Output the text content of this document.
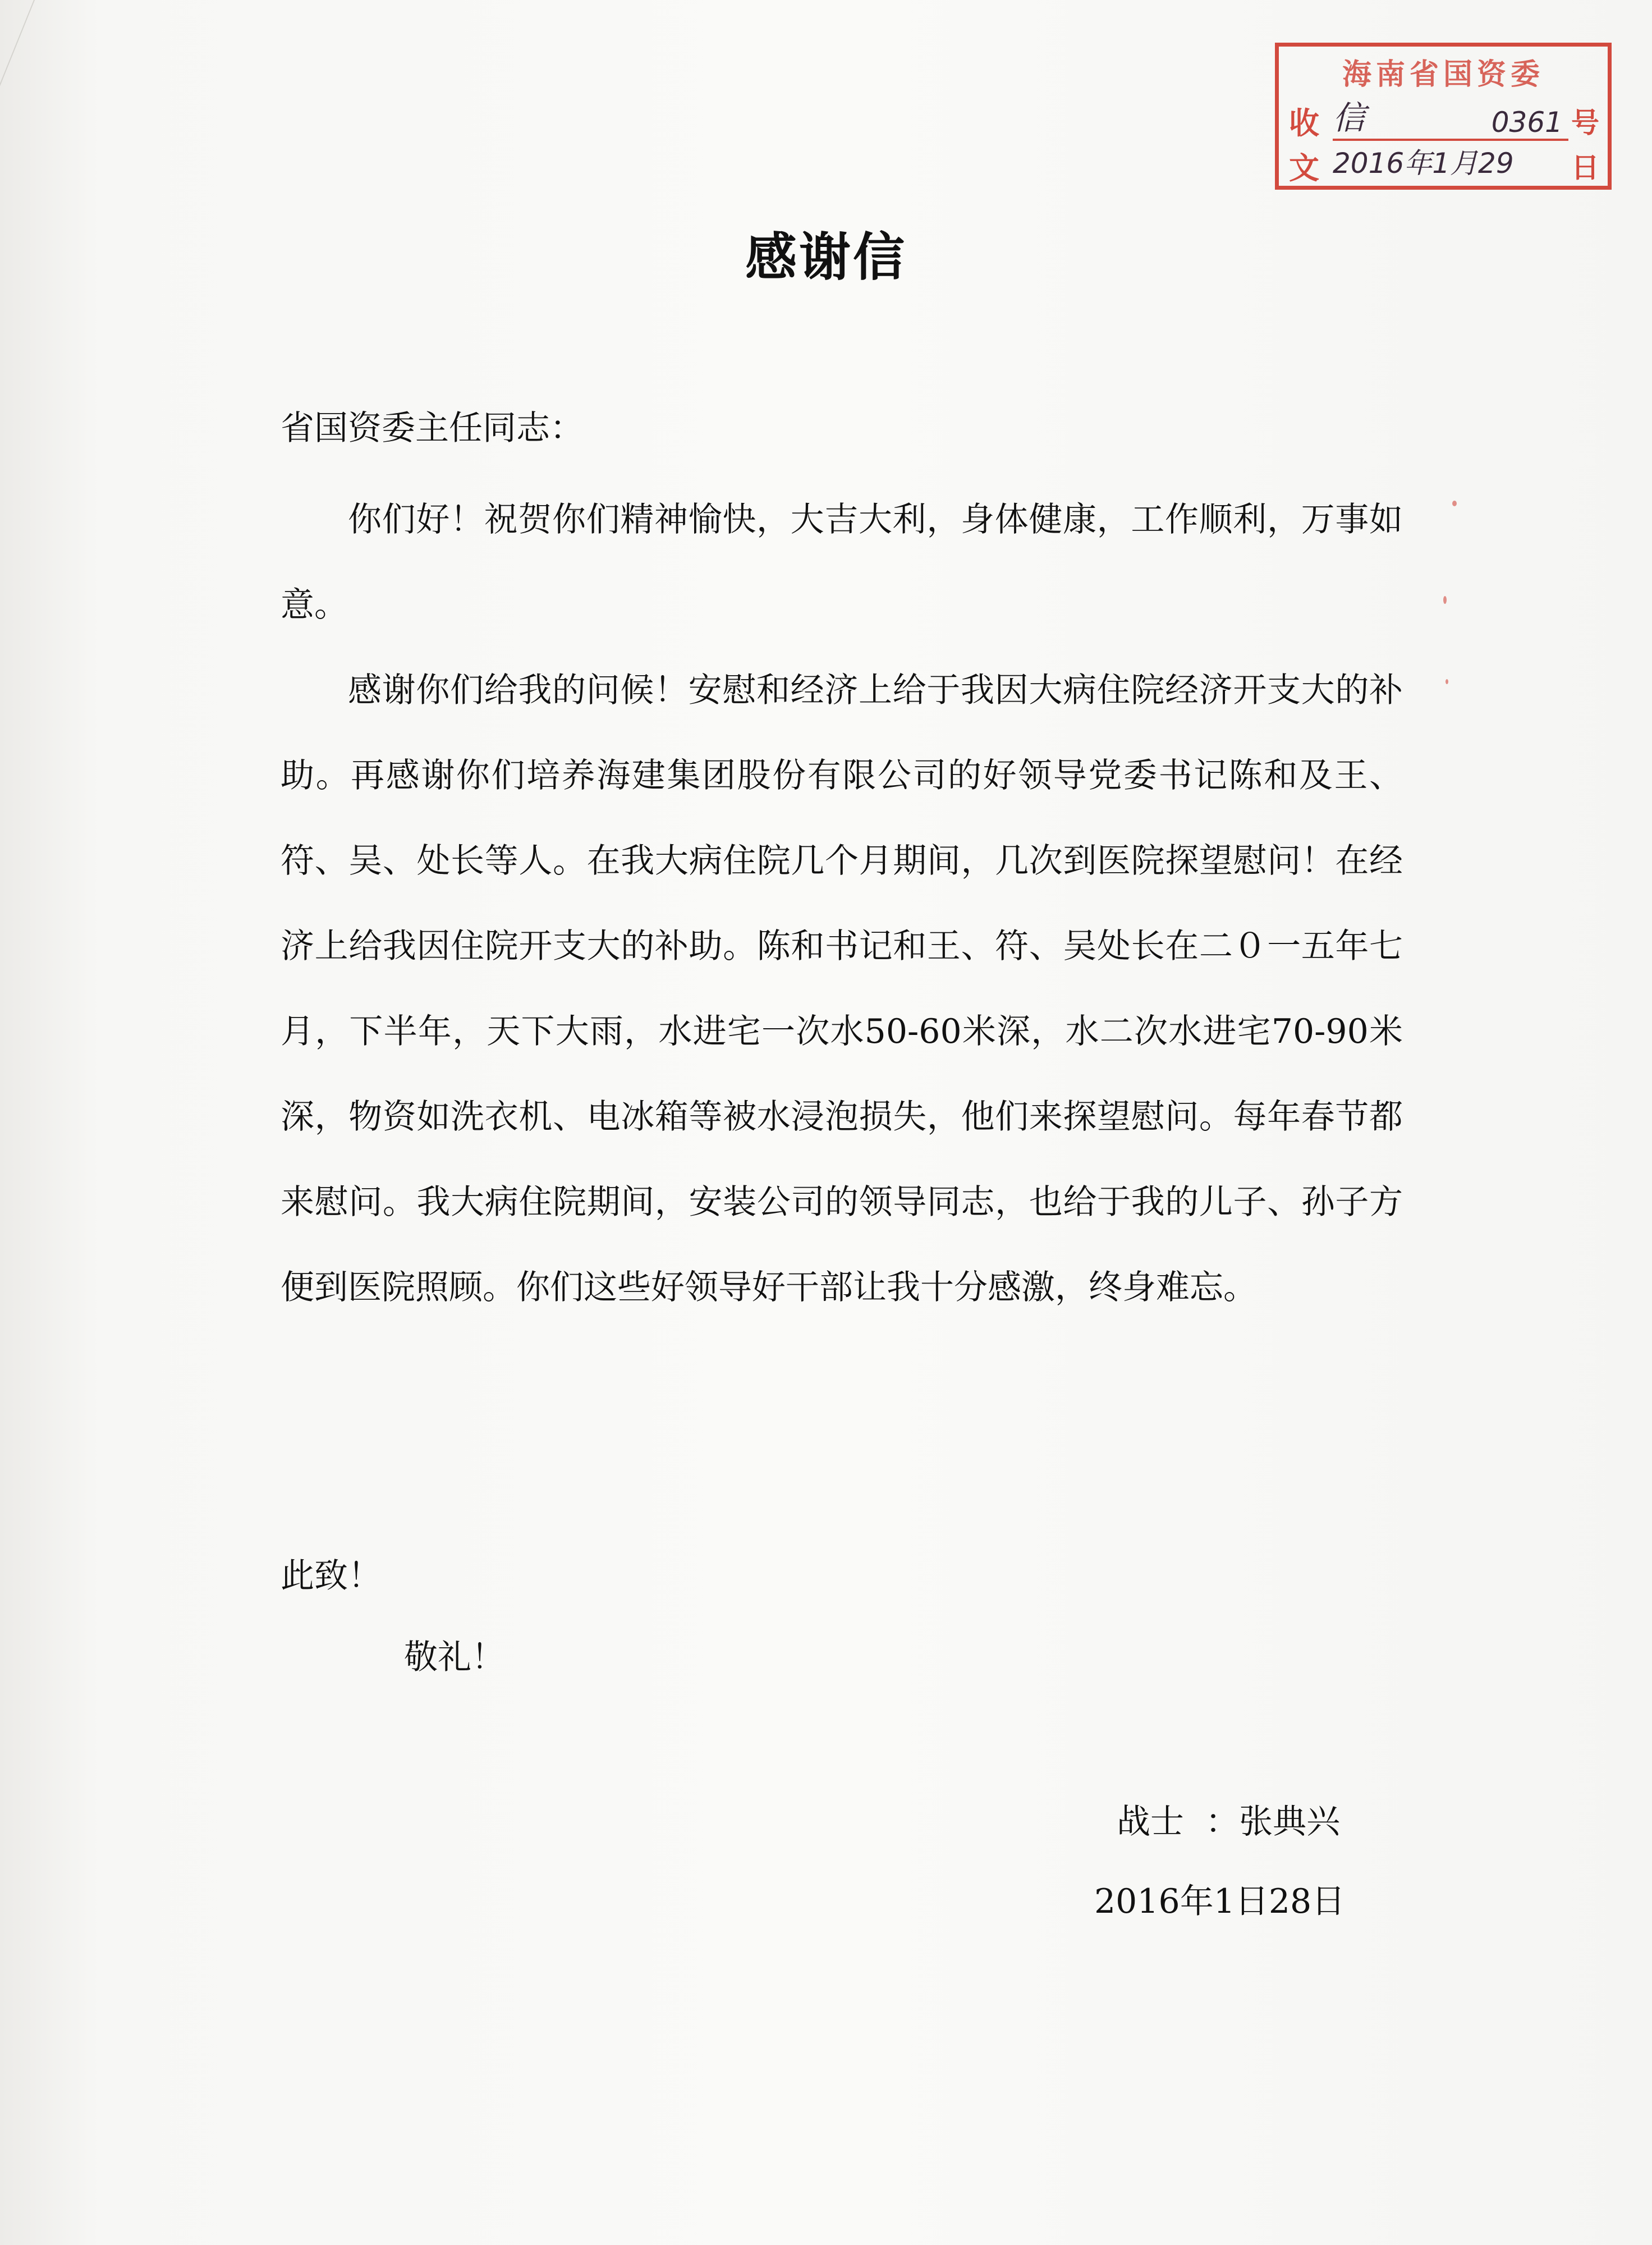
海南省国资委
收
文
号
日
信	0361
2016年1月29
感谢信
省国资委主任同志：

你们好！祝贺你们精神愉快，大吉大利，身体健康，工作顺利，万事如意。

感谢你们给我的问候！安慰和经济上给于我因大病住院经济开支大的补助。再感谢你们培养海建集团股份有限公司的好领导党委书记陈和及王、符、吴、处长等人。在我大病住院几个月期间，几次到医院探望慰问！在经济上给我因住院开支大的补助。陈和书记和王、符、吴处长在二０一五年七月，下半年，天下大雨，水进宅一次水50-60米深，水二次水进宅70-90米深，物资如洗衣机、电冰箱等被水浸泡损失，他们来探望慰问。每年春节都来慰问。我大病住院期间，安装公司的领导同志，也给于我的儿子、孙子方便到医院照顾。你们这些好领导好干部让我十分感激，终身难忘。

此致！
敬礼！
战士  ：张典兴
2016年1日28日
